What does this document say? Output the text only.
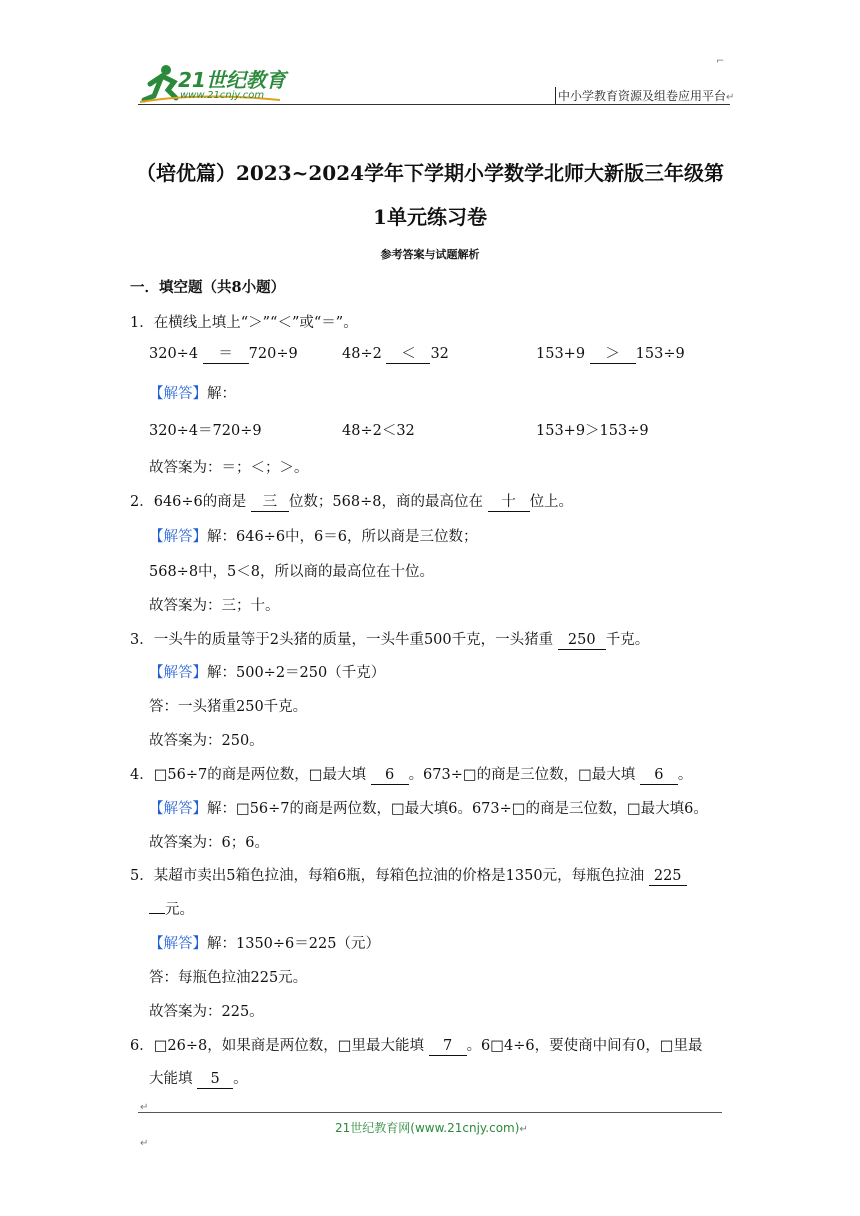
⌐
21世纪教育
www.21cnjy.com	中小学教育资源及组卷应用平台↵
（培优篇）2023~2024学年下学期小学数学北师大新版三年级第
1单元练习卷
参考答案与试题解析
一．填空题（共8小题）
1．在横线上填上“＞”“＜”或“＝”。
320÷4 ＝ 720÷9	48÷2 ＜ 32	153+9 ＞ 153÷9
【解答】解：
320÷4＝720÷9	48÷2＜32	153+9＞153÷9
故答案为：＝；＜；＞。
2．646÷6的商是 三 位数；568÷8，商的最高位在 十 位上。
【解答】解：646÷6中，6＝6，所以商是三位数；
568÷8中，5＜8，所以商的最高位在十位。
故答案为：三；十。
3．一头牛的质量等于2头猪的质量，一头牛重500千克，一头猪重 250 千克。
【解答】解：500÷2＝250（千克）
答：一头猪重250千克。
故答案为：250。
4．□56÷7的商是两位数，□最大填 6 。673÷□的商是三位数，□最大填 6 。
【解答】解：□56÷7的商是两位数，□最大填6。673÷□的商是三位数，□最大填6。
故答案为：6；6。
5．某超市卖出5箱色拉油，每箱6瓶，每箱色拉油的价格是1350元，每瓶色拉油 225
元。
【解答】解：1350÷6＝225（元）
答：每瓶色拉油225元。
故答案为：225。
6．□26÷8，如果商是两位数，□里最大能填 7 。6□4÷6，要使商中间有0，□里最
大能填 5 。
↵
21世纪教育网(www.21cnjy.com)↵
↵
